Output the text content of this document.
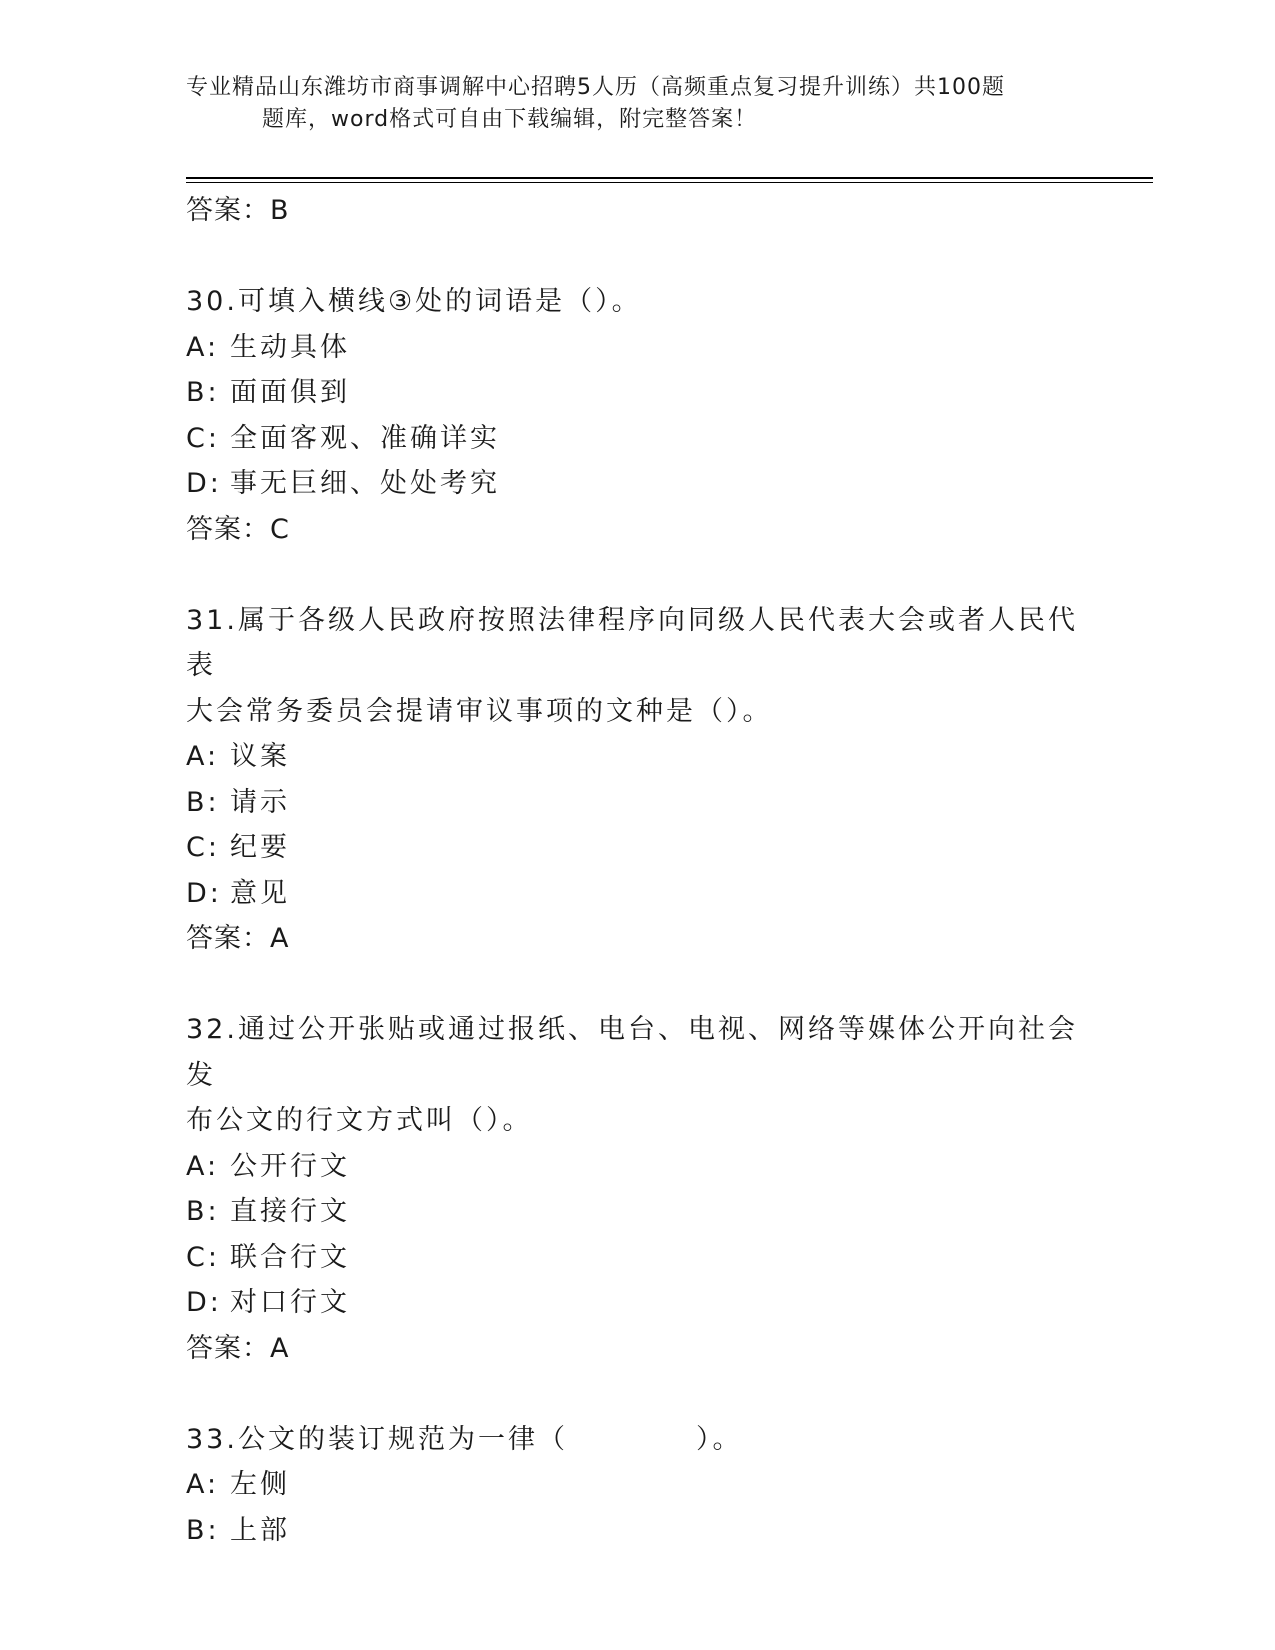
专业精品山东潍坊市商事调解中心招聘5人历（高频重点复习提升训练）共100题
题库，word格式可自由下载编辑，附完整答案！
答案：B
30.可填入横线③处的词语是（）。
A: 生动具体
B: 面面俱到
C: 全面客观、准确详实
D: 事无巨细、处处考究
答案：C
31.属于各级人民政府按照法律程序向同级人民代表大会或者人民代表
大会常务委员会提请审议事项的文种是（）。
A: 议案
B: 请示
C: 纪要
D: 意见
答案：A
32.通过公开张贴或通过报纸、电台、电视、网络等媒体公开向社会发
布公文的行文方式叫（）。
A: 公开行文
B: 直接行文
C: 联合行文
D: 对口行文
答案：A
33.公文的装订规范为一律（	）。
A: 左侧
B: 上部
